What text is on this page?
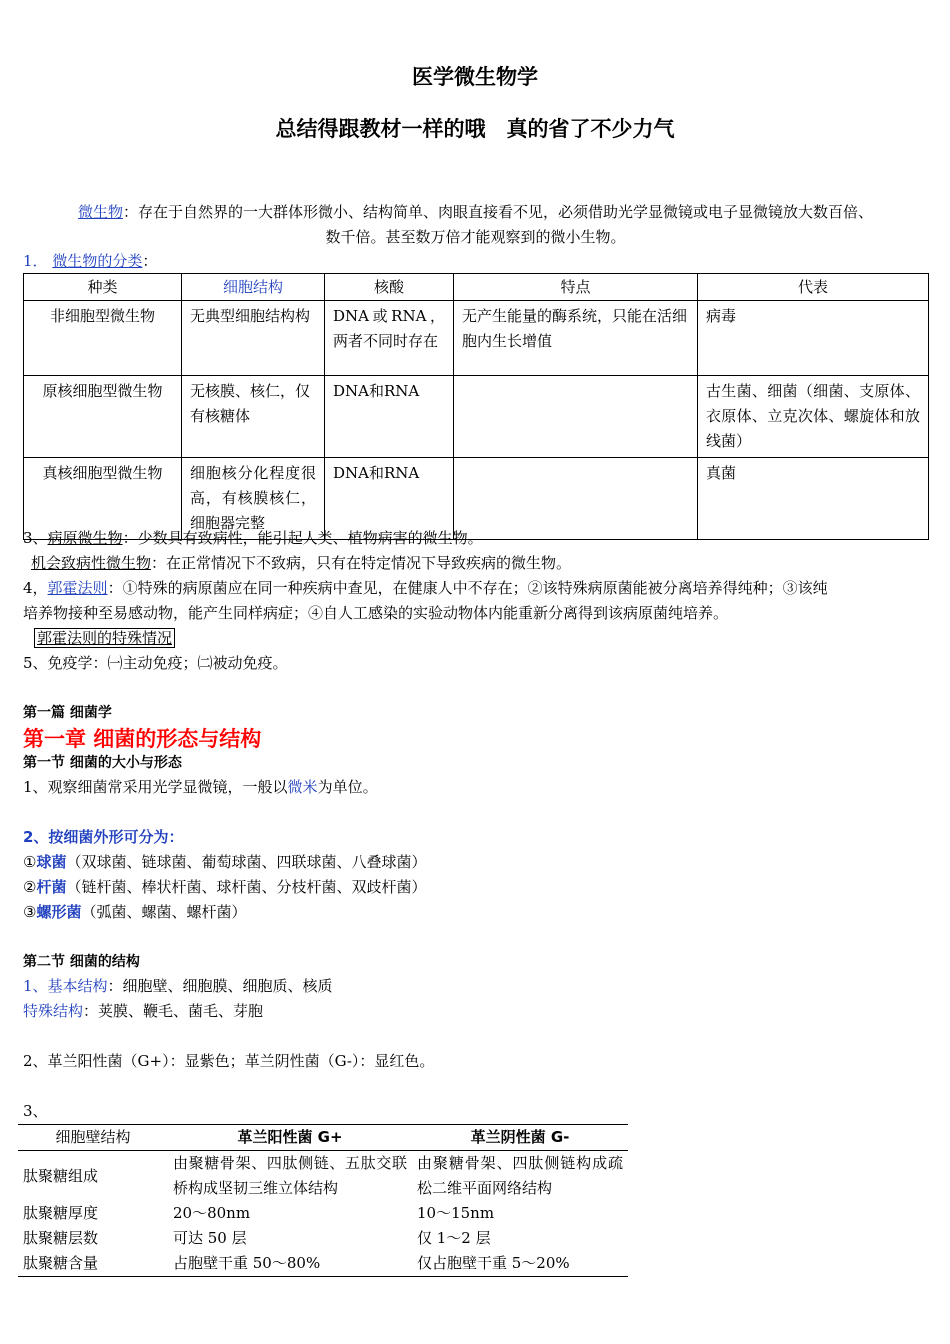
医学微生物学
总结得跟教材一样的哦　真的省了不少力气
微生物：存在于自然界的一大群体形微小、结构简单、肉眼直接看不见，必须借助光学显微镜或电子显微镜放大数百倍、
数千倍。甚至数万倍才能观察到的微小生物。
1． 微生物的分类：
种类	细胞结构	核酸	特点	代表
非细胞型微生物	无典型细胞结构构	DNA或RNA，两者不同时存在	无产生能量的酶系统，只能在活细胞内生长增值	病毒
原核细胞型微生物	无核膜、核仁，仅有核糖体	DNA和RNA		古生菌、细菌（细菌、支原体、衣原体、立克次体、螺旋体和放线菌）
真核细胞型微生物	细胞核分化程度很高，有核膜核仁，细胞器完整	DNA和RNA		真菌
3、病原微生物：少数具有致病性，能引起人类、植物病害的微生物。
机会致病性微生物：在正常情况下不致病，只有在特定情况下导致疾病的微生物。
4，郭霍法则：①特殊的病原菌应在同一种疾病中查见，在健康人中不存在；②该特殊病原菌能被分离培养得纯种；③该纯
培养物接种至易感动物，能产生同样病症；④自人工感染的实验动物体内能重新分离得到该病原菌纯培养。
郭霍法则的特殊情况
5、免疫学：㈠主动免疫；㈡被动免疫。
第一篇 细菌学
第一章 细菌的形态与结构
第一节 细菌的大小与形态
1、观察细菌常采用光学显微镜，一般以微米为单位。
2、按细菌外形可分为：
①球菌（双球菌、链球菌、葡萄球菌、四联球菌、八叠球菌）
②杆菌（链杆菌、棒状杆菌、球杆菌、分枝杆菌、双歧杆菌）
③螺形菌（弧菌、螺菌、螺杆菌）
第二节 细菌的结构
1、基本结构：细胞壁、细胞膜、细胞质、核质
特殊结构：荚膜、鞭毛、菌毛、芽胞
2、革兰阳性菌（G+）：显紫色；革兰阴性菌（G-）：显红色。
3、
细胞壁结构	革兰阳性菌 G+	革兰阴性菌 G-
肽聚糖组成	由聚糖骨架、四肽侧链、五肽交联桥构成坚韧三维立体结构	由聚糖骨架、四肽侧链构成疏松二维平面网络结构
肽聚糖厚度	20～80nm	10～15nm
肽聚糖层数	可达 50 层	仅 1～2 层
肽聚糖含量	占胞壁干重 50～80%	仅占胞壁干重 5～20%
